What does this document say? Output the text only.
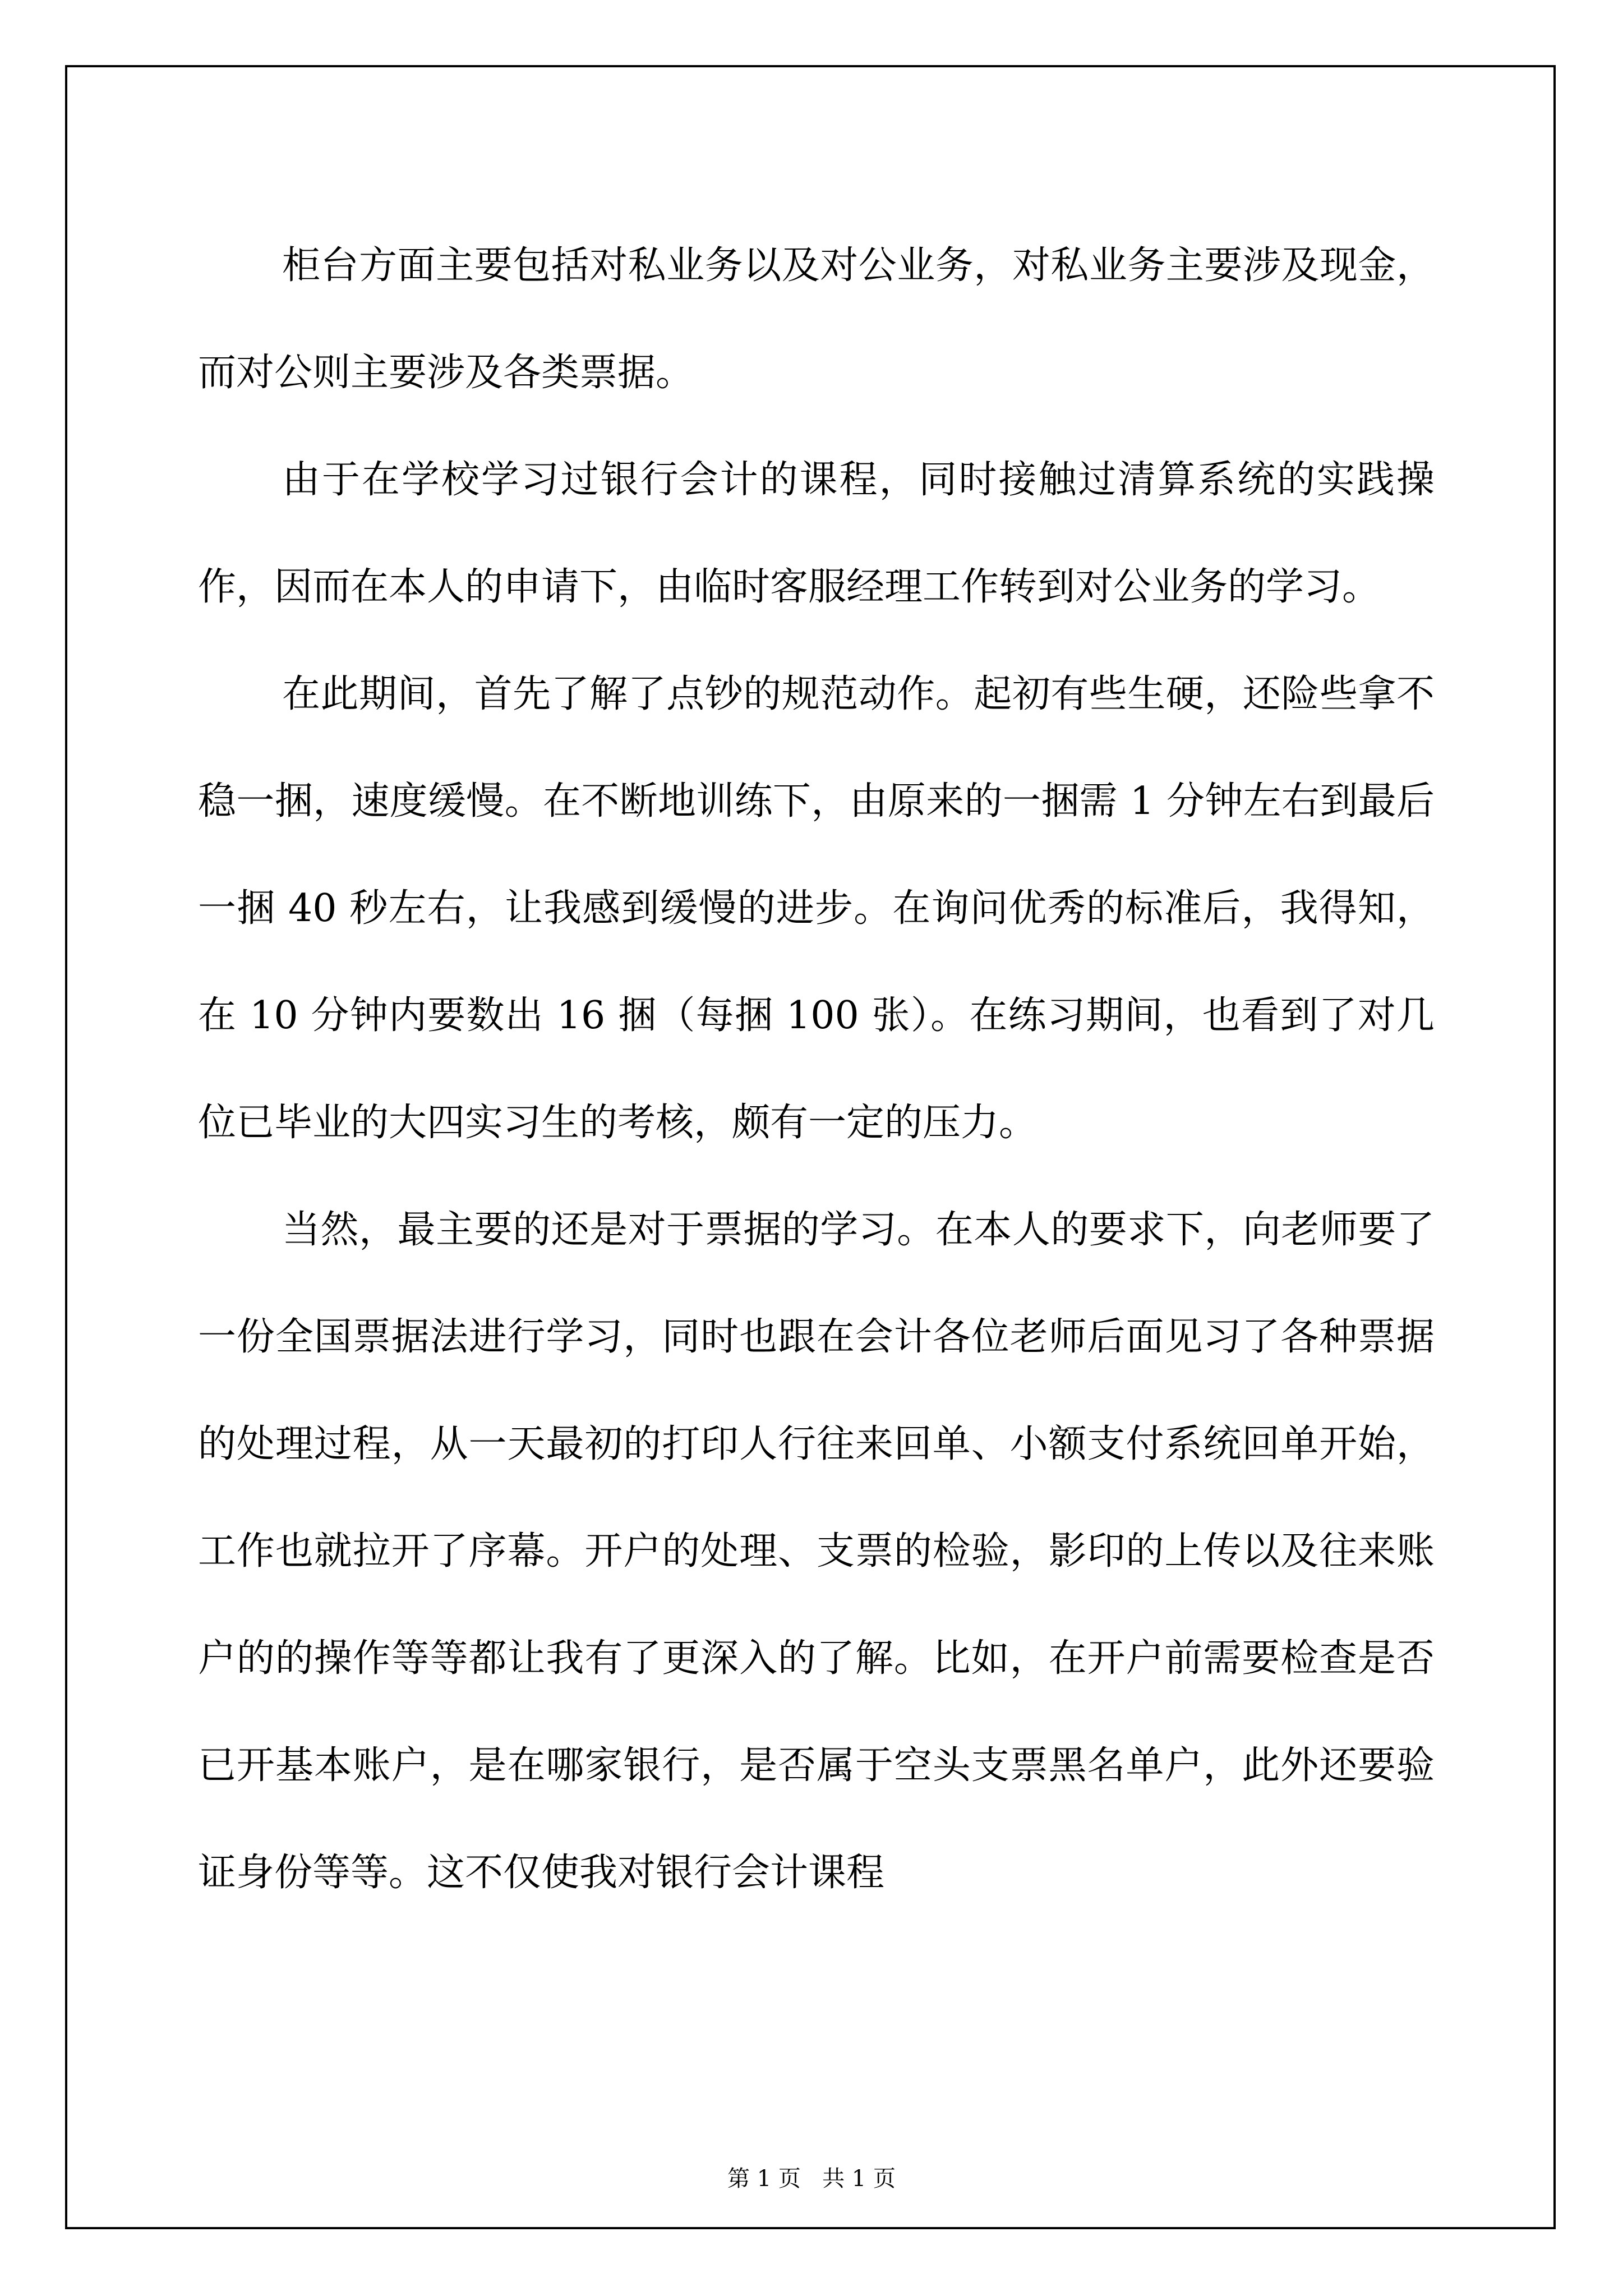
柜台方面主要包括对私业务以及对公业务，对私业务主要涉及现金，而对公则主要涉及各类票据。

由于在学校学习过银行会计的课程，同时接触过清算系统的实践操作，因而在本人的申请下，由临时客服经理工作转到对公业务的学习。

在此期间，首先了解了点钞的规范动作。起初有些生硬，还险些拿不稳一捆，速度缓慢。在不断地训练下，由原来的一捆需 1 分钟左右到最后一捆 40 秒左右，让我感到缓慢的进步。在询问优秀的标准后，我得知，在 10 分钟内要数出 16 捆（每捆 100 张）。在练习期间，也看到了对几位已毕业的大四实习生的考核，颇有一定的压力。

当然，最主要的还是对于票据的学习。在本人的要求下，向老师要了一份全国票据法进行学习，同时也跟在会计各位老师后面见习了各种票据的处理过程，从一天最初的打印人行往来回单、小额支付系统回单开始，工作也就拉开了序幕。开户的处理、支票的检验，影印的上传以及往来账户的的操作等等都让我有了更深入的了解。比如，在开户前需要检查是否已开基本账户，是在哪家银行，是否属于空头支票黑名单户，此外还要验证身份等等。这不仅使我对银行会计课程

第 1 页 共 1 页
